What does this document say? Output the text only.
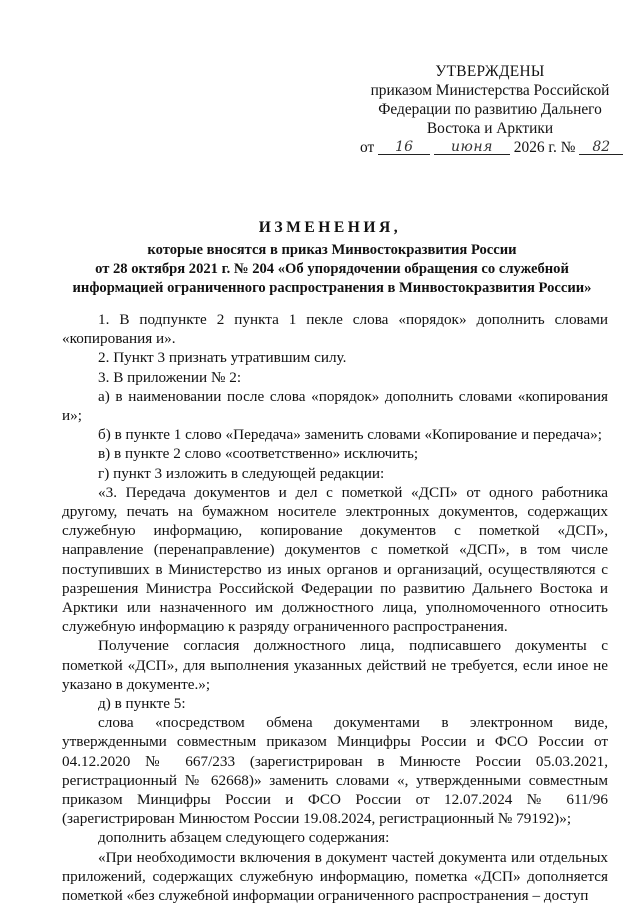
УТВЕРЖДЕНЫ
приказом Министерства Российской
Федерации по развитию Дальнего
Востока и Арктики
от 16	июня 2026 г. № 82
ИЗМЕНЕНИЯ,
которые вносятся в приказ Минвостокразвития России
от 28 октября 2021 г. № 204 «Об упорядочении обращения со служебной
информацией ограниченного распространения в Минвостокразвития России»

1. В подпункте 2 пункта 1 пекле слова «порядок» дополнить словами «копирования и».

2. Пункт 3 признать утратившим силу.

3. В приложении № 2:

а) в наименовании после слова «порядок» дополнить словами «копирования и»;

б) в пункте 1 слово «Передача» заменить словами «Копирование и передача»;

в) в пункте 2 слово «соответственно» исключить;

г) пункт 3 изложить в следующей редакции:

«3. Передача документов и дел с пометкой «ДСП» от одного работника другому, печать на бумажном носителе электронных документов, содержащих служебную информацию, копирование документов с пометкой «ДСП», направление (перенаправление) документов с пометкой «ДСП», в том числе поступивших в Министерство из иных органов и организаций, осуществляются с разрешения Министра Российской Федерации по развитию Дальнего Востока и Арктики или назначенного им должностного лица, уполномоченного относить служебную информацию к разряду ограниченного распространения.

Получение согласия должностного лица, подписавшего документы с пометкой «ДСП», для выполнения указанных действий не требуется, если иное не указано в документе.»;

д) в пункте 5:

слова «посредством обмена документами в электронном виде, утвержденными совместным приказом Минцифры России и ФСО России от 04.12.2020 № 667/233 (зарегистрирован в Минюсте России 05.03.2021, регистрационный № 62668)» заменить словами «, утвержденными совместным приказом Минцифры России и ФСО России от 12.07.2024 № 611/96 (зарегистрирован Минюстом России 19.08.2024, регистрационный № 79192)»;

дополнить абзацем следующего содержания:

«При необходимости включения в документ частей документа или отдельных приложений, содержащих служебную информацию, пометка «ДСП» дополняется пометкой «без служебной информации ограниченного распространения – доступ
